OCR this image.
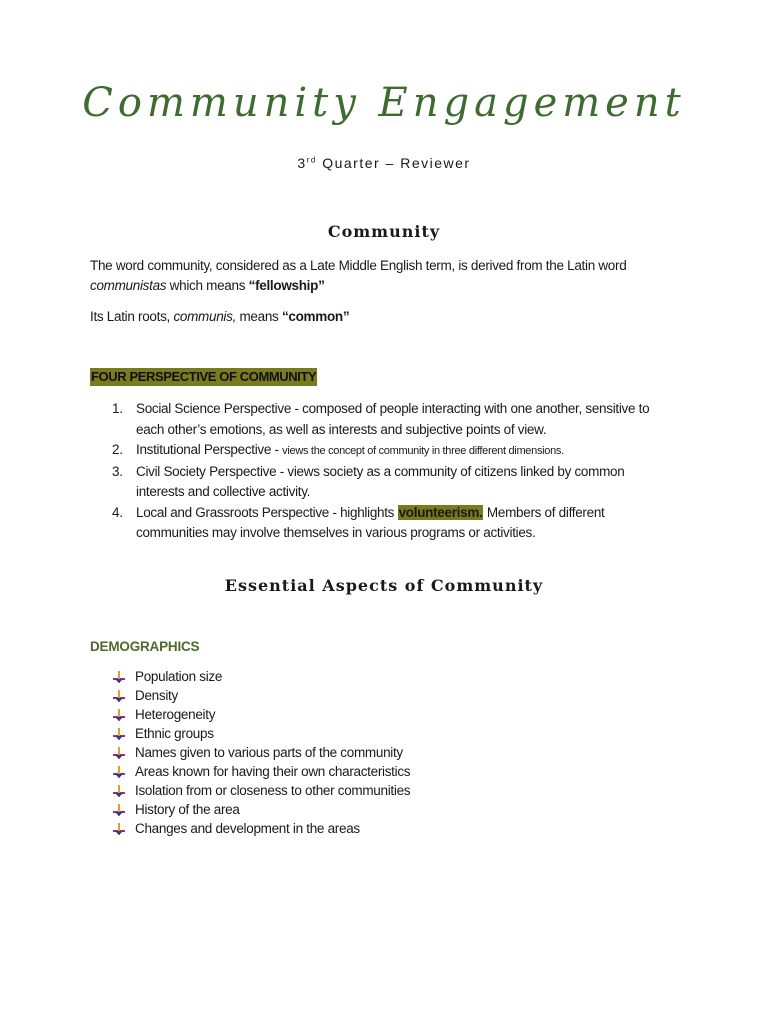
Community Engagement
3rd Quarter – Reviewer
Community
The word community, considered as a Late Middle English term, is derived from the Latin word communistas which means “fellowship”
Its Latin roots, communis, means “common”
FOUR PERSPECTIVE OF COMMUNITY
1. Social Science Perspective - composed of people interacting with one another, sensitive to each other’s emotions, as well as interests and subjective points of view.
2. Institutional Perspective - views the concept of community in three different dimensions.
3. Civil Society Perspective - views society as a community of citizens linked by common interests and collective activity.
4. Local and Grassroots Perspective - highlights volunteerism. Members of different communities may involve themselves in various programs or activities.
Essential Aspects of Community
DEMOGRAPHICS
Population size
Density
Heterogeneity
Ethnic groups
Names given to various parts of the community
Areas known for having their own characteristics
Isolation from or closeness to other communities
History of the area
Changes and development in the areas
